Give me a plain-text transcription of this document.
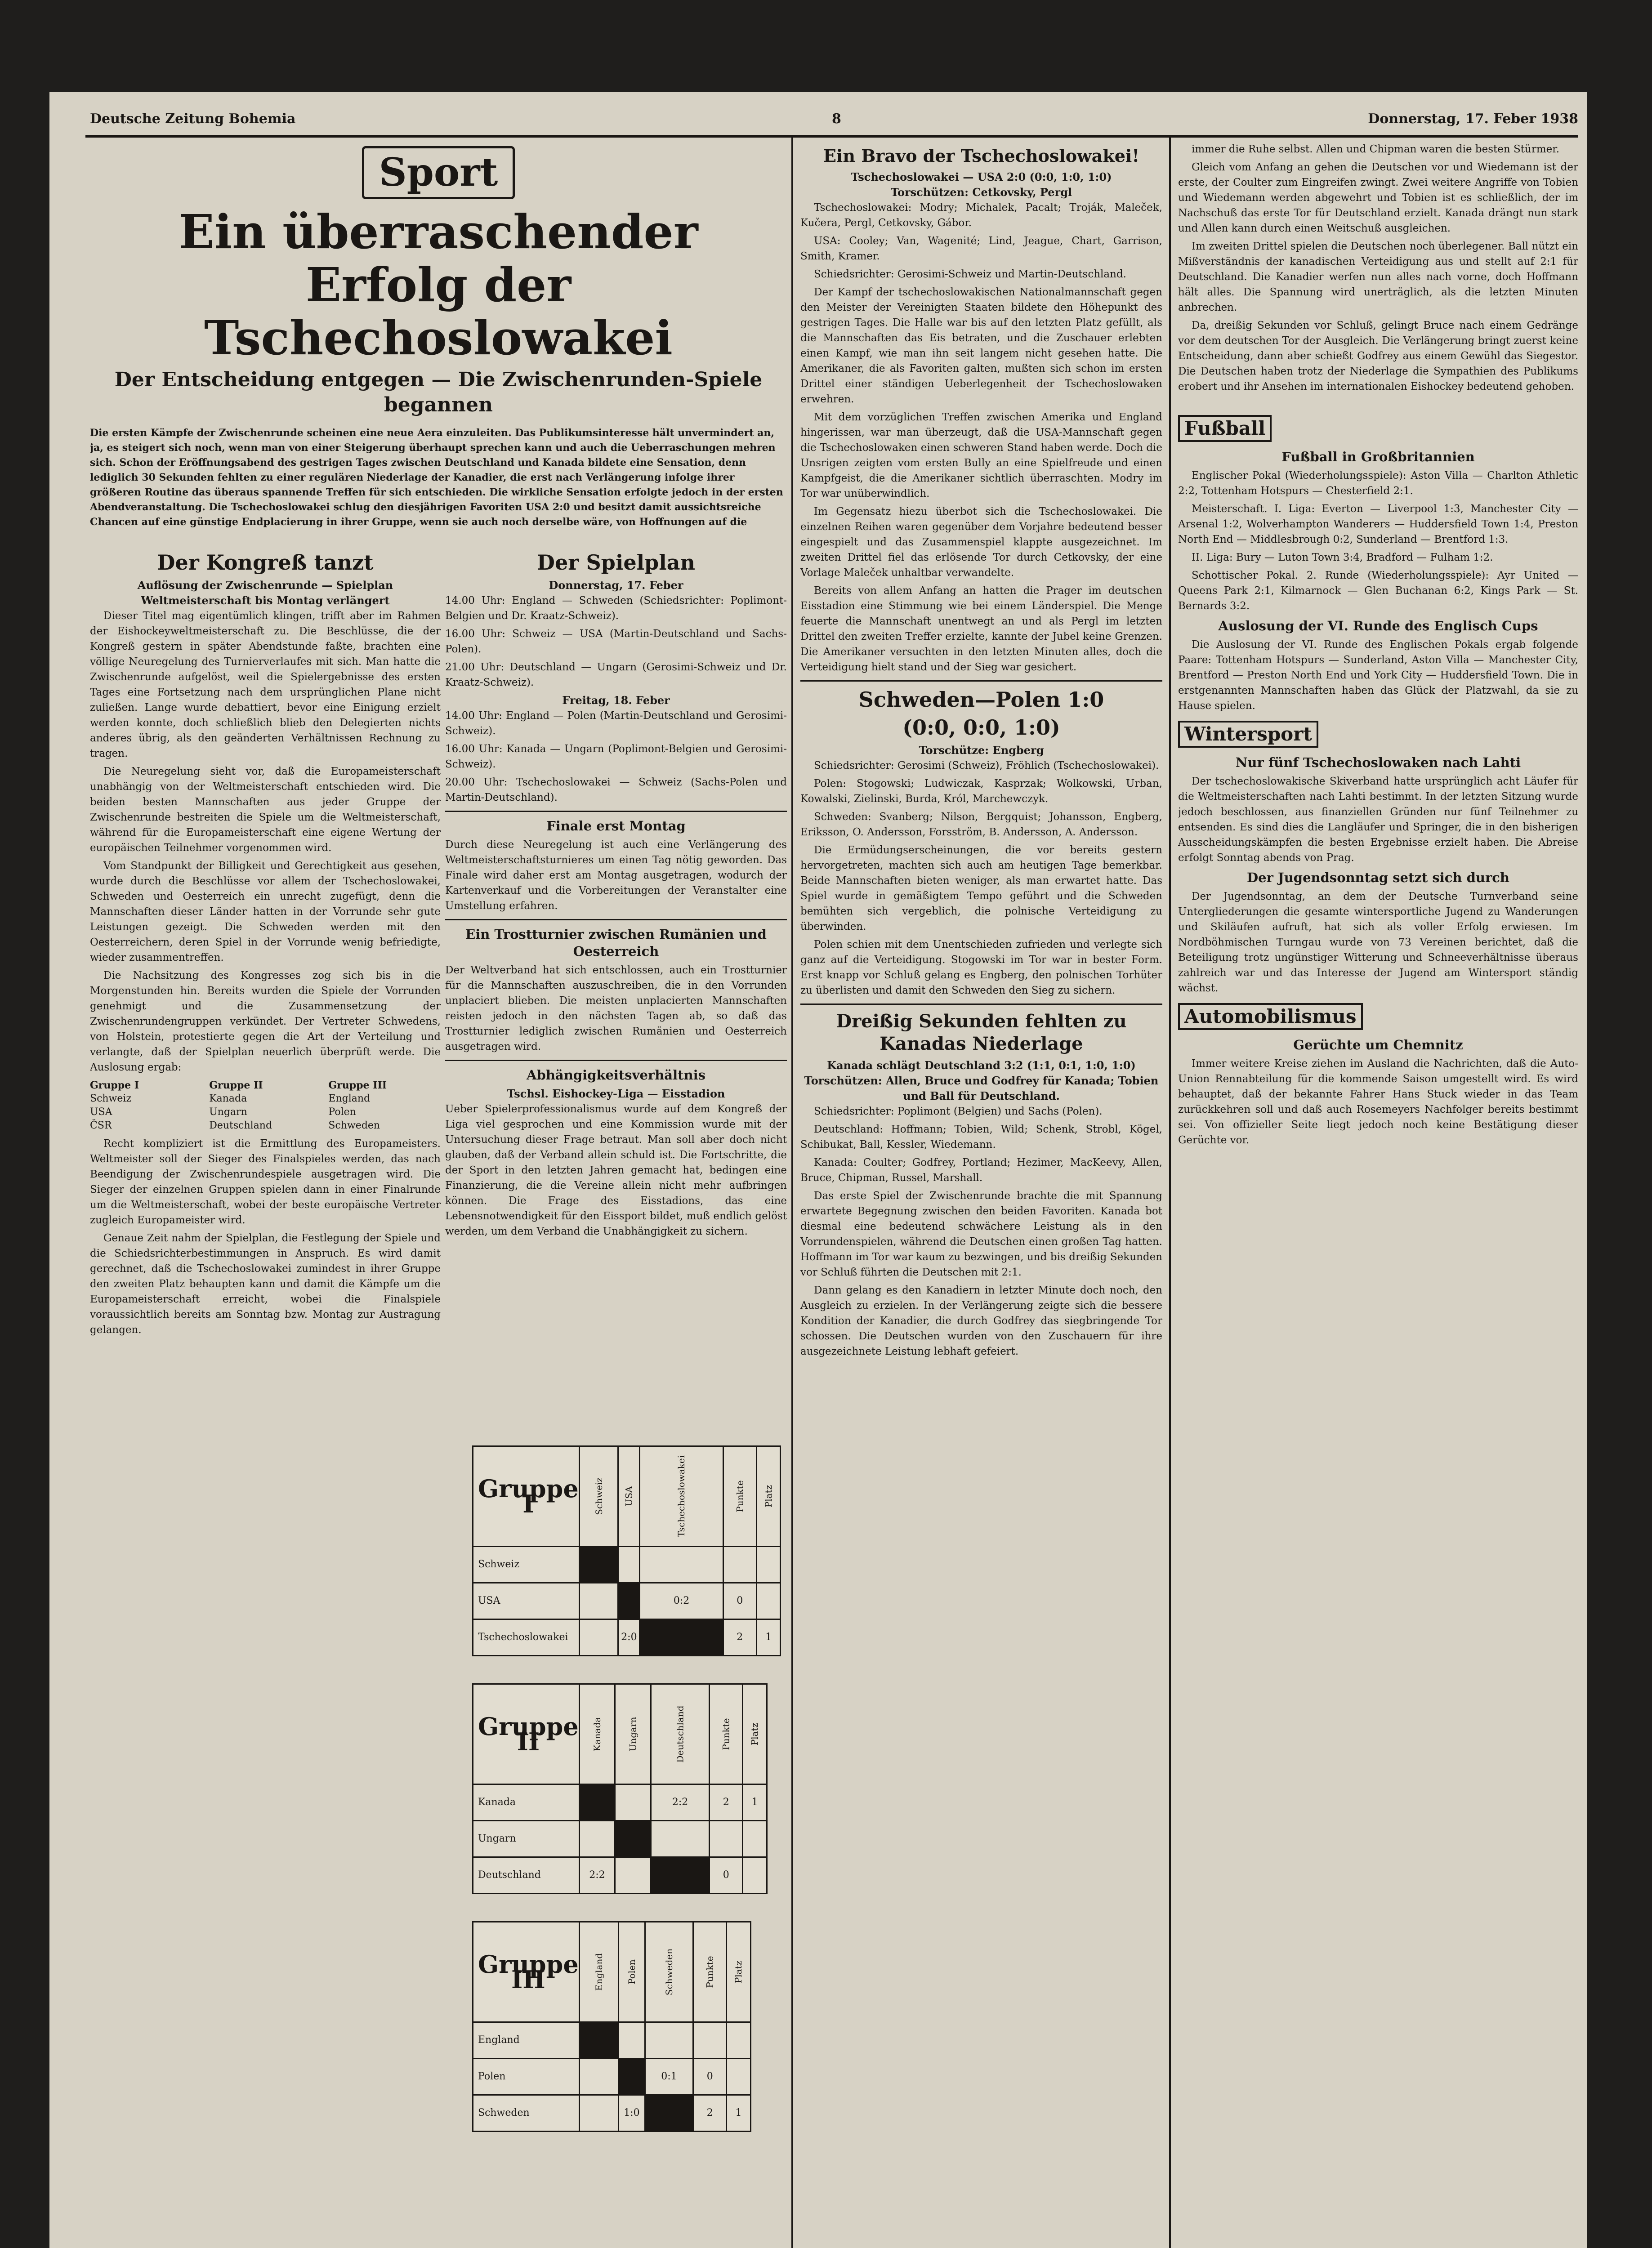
Deutsche Zeitung Bohemia	8	Donnerstag, 17. Feber 1938
Sport
Ein überraschender Erfolg der Tschechoslowakei
Der Entscheidung entgegen — Die Zwischenrunden-Spiele begannen
Die ersten Kämpfe der Zwischenrunde scheinen eine neue Aera einzuleiten. Das Publikumsinteresse hält unvermindert an, ja, es steigert sich noch, wenn man von einer Steigerung überhaupt sprechen kann und auch die Ueberraschungen mehren sich. Schon der Eröffnungsabend des gestrigen Tages zwischen Deutschland und Kanada bildete eine Sensation, denn lediglich 30 Sekunden fehlten zu einer regulären Niederlage der Kanadier, die erst nach Verlängerung infolge ihrer größeren Routine das überaus spannende Treffen für sich entschieden. Die wirkliche Sensation erfolgte jedoch in der ersten Abendveranstaltung. Die Tschechoslowakei schlug den diesjährigen Favoriten USA 2:0 und besitzt damit aussichtsreiche Chancen auf eine günstige Endplacierung in ihrer Gruppe, wenn sie auch noch derselbe wäre, von Hoffnungen auf die
Der Kongreß tanzt
Auflösung der Zwischenrunde — Spielplan Weltmeisterschaft bis Montag verlängert

Dieser Titel mag eigentümlich klingen, trifft aber im Rahmen der Eishockeyweltmeisterschaft zu. Die Beschlüsse, die der Kongreß gestern in später Abendstunde faßte, brachten eine völlige Neuregelung des Turnierverlaufes mit sich. Man hatte die Zwischenrunde aufgelöst, weil die Spielergebnisse des ersten Tages eine Fortsetzung nach dem ursprünglichen Plane nicht zuließen. Lange wurde debattiert, bevor eine Einigung erzielt werden konnte, doch schließlich blieb den Delegierten nichts anderes übrig, als den geänderten Verhältnissen Rechnung zu tragen.

Die Neuregelung sieht vor, daß die Europameisterschaft unabhängig von der Weltmeisterschaft entschieden wird. Die beiden besten Mannschaften aus jeder Gruppe der Zwischenrunde bestreiten die Spiele um die Weltmeisterschaft, während für die Europameisterschaft eine eigene Wertung der europäischen Teilnehmer vorgenommen wird.

Vom Standpunkt der Billigkeit und Gerechtigkeit aus gesehen, wurde durch die Beschlüsse vor allem der Tschechoslowakei, Schweden und Oesterreich ein unrecht zugefügt, denn die Mannschaften dieser Länder hatten in der Vorrunde sehr gute Leistungen gezeigt. Die Schweden werden mit den Oesterreichern, deren Spiel in der Vorrunde wenig befriedigte, wieder zusammentreffen.

Die Nachsitzung des Kongresses zog sich bis in die Morgenstunden hin. Bereits wurden die Spiele der Vorrunden genehmigt und die Zusammensetzung der Zwischenrundengruppen verkündet. Der Vertreter Schwedens, von Holstein, protestierte gegen die Art der Verteilung und verlangte, daß der Spielplan neuerlich überprüft werde. Die Auslosung ergab:

Gruppe I
Schweiz
USA
ČSR
Gruppe II
Kanada
Ungarn
Deutschland
Gruppe III
England
Polen
Schweden

Recht kompliziert ist die Ermittlung des Europameisters. Weltmeister soll der Sieger des Finalspieles werden, das nach Beendigung der Zwischenrundespiele ausgetragen wird. Die Sieger der einzelnen Gruppen spielen dann in einer Finalrunde um die Weltmeisterschaft, wobei der beste europäische Vertreter zugleich Europameister wird.

Genaue Zeit nahm der Spielplan, die Festlegung der Spiele und die Schiedsrichterbestimmungen in Anspruch. Es wird damit gerechnet, daß die Tschechoslowakei zumindest in ihrer Gruppe den zweiten Platz behaupten kann und damit die Kämpfe um die Europameisterschaft erreicht, wobei die Finalspiele voraussichtlich bereits am Sonntag bzw. Montag zur Austragung gelangen.

Der Spielplan
Donnerstag, 17. Feber

14.00 Uhr: England — Schweden (Schiedsrichter: Poplimont-Belgien und Dr. Kraatz-Schweiz).

16.00 Uhr: Schweiz — USA (Martin-Deutschland und Sachs-Polen).

21.00 Uhr: Deutschland — Ungarn (Gerosimi-Schweiz und Dr. Kraatz-Schweiz).

Freitag, 18. Feber

14.00 Uhr: England — Polen (Martin-Deutschland und Gerosimi-Schweiz).

16.00 Uhr: Kanada — Ungarn (Poplimont-Belgien und Gerosimi-Schweiz).

20.00 Uhr: Tschechoslowakei — Schweiz (Sachs-Polen und Martin-Deutschland).

Finale erst Montag

Durch diese Neuregelung ist auch eine Verlängerung des Weltmeisterschaftsturnieres um einen Tag nötig geworden. Das Finale wird daher erst am Montag ausgetragen, wodurch der Kartenverkauf und die Vorbereitungen der Veranstalter eine Umstellung erfahren.

Ein Trostturnier zwischen Rumänien und Oesterreich

Der Weltverband hat sich entschlossen, auch ein Trostturnier für die Mannschaften auszuschreiben, die in den Vorrunden unplaciert blieben. Die meisten unplacierten Mannschaften reisten jedoch in den nächsten Tagen ab, so daß das Trostturnier lediglich zwischen Rumänien und Oesterreich ausgetragen wird.

Abhängigkeitsverhältnis
Tschsl. Eishockey-Liga — Eisstadion

Ueber Spielerprofessionalismus wurde auf dem Kongreß der Liga viel gesprochen und eine Kommission wurde mit der Untersuchung dieser Frage betraut. Man soll aber doch nicht glauben, daß der Verband allein schuld ist. Die Fortschritte, die der Sport in den letzten Jahren gemacht hat, bedingen eine Finanzierung, die die Vereine allein nicht mehr aufbringen können. Die Frage des Eisstadions, das eine Lebensnotwendigkeit für den Eissport bildet, muß endlich gelöst werden, um dem Verband die Unabhängigkeit zu sichern.

Gruppe I	Schweiz	USA	Tschechoslowakei	Punkte	Platz
Schweiz					
USA			0:2	0	
Tschechoslowakei		2:0		2	1
Gruppe II	Kanada	Ungarn	Deutschland	Punkte	Platz
Kanada			2:2	2	1
Ungarn					
Deutschland	2:2			0	
Gruppe III	England	Polen	Schweden	Punkte	Platz
England					
Polen			0:1	0	
Schweden		1:0		2	1
Ein Bravo der Tschechoslowakei!
Tschechoslowakei — USA 2:0 (0:0, 1:0, 1:0)
Torschützen: Cetkovsky, Pergl

Tschechoslowakei: Modry; Michalek, Pacalt; Troják, Maleček, Kučera, Pergl, Cetkovsky, Gábor.

USA: Cooley; Van, Wagenité; Lind, Jeague, Chart, Garrison, Smith, Kramer.

Schiedsrichter: Gerosimi-Schweiz und Martin-Deutschland.

Der Kampf der tschechoslowakischen Nationalmannschaft gegen den Meister der Vereinigten Staaten bildete den Höhepunkt des gestrigen Tages. Die Halle war bis auf den letzten Platz gefüllt, als die Mannschaften das Eis betraten, und die Zuschauer erlebten einen Kampf, wie man ihn seit langem nicht gesehen hatte. Die Amerikaner, die als Favoriten galten, mußten sich schon im ersten Drittel einer ständigen Ueberlegenheit der Tschechoslowaken erwehren.

Mit dem vorzüglichen Treffen zwischen Amerika und England hingerissen, war man überzeugt, daß die USA-Mannschaft gegen die Tschechoslowaken einen schweren Stand haben werde. Doch die Unsrigen zeigten vom ersten Bully an eine Spielfreude und einen Kampfgeist, die die Amerikaner sichtlich überraschten. Modry im Tor war unüberwindlich.

Im Gegensatz hiezu überbot sich die Tschechoslowakei. Die einzelnen Reihen waren gegenüber dem Vorjahre bedeutend besser eingespielt und das Zusammenspiel klappte ausgezeichnet. Im zweiten Drittel fiel das erlösende Tor durch Cetkovsky, der eine Vorlage Maleček unhaltbar verwandelte.

Bereits von allem Anfang an hatten die Prager im deutschen Eisstadion eine Stimmung wie bei einem Länderspiel. Die Menge feuerte die Mannschaft unentwegt an und als Pergl im letzten Drittel den zweiten Treffer erzielte, kannte der Jubel keine Grenzen. Die Amerikaner versuchten in den letzten Minuten alles, doch die Verteidigung hielt stand und der Sieg war gesichert.

Schweden—Polen 1:0
(0:0, 0:0, 1:0)
Torschütze: Engberg

Schiedsrichter: Gerosimi (Schweiz), Fröhlich (Tschechoslowakei).

Polen: Stogowski; Ludwiczak, Kasprzak; Wolkowski, Urban, Kowalski, Zielinski, Burda, Król, Marchewczyk.

Schweden: Svanberg; Nilson, Bergquist; Johansson, Engberg, Eriksson, O. Andersson, Forsström, B. Andersson, A. Andersson.

Die Ermüdungserscheinungen, die vor bereits gestern hervorgetreten, machten sich auch am heutigen Tage bemerkbar. Beide Mannschaften bieten weniger, als man erwartet hatte. Das Spiel wurde in gemäßigtem Tempo geführt und die Schweden bemühten sich vergeblich, die polnische Verteidigung zu überwinden.

Polen schien mit dem Unentschieden zufrieden und verlegte sich ganz auf die Verteidigung. Stogowski im Tor war in bester Form. Erst knapp vor Schluß gelang es Engberg, den polnischen Torhüter zu überlisten und damit den Schweden den Sieg zu sichern.

Dreißig Sekunden fehlten zu Kanadas Niederlage
Kanada schlägt Deutschland 3:2 (1:1, 0:1, 1:0, 1:0)
Torschützen: Allen, Bruce und Godfrey für Kanada; Tobien und Ball für Deutschland.

Schiedsrichter: Poplimont (Belgien) und Sachs (Polen).

Deutschland: Hoffmann; Tobien, Wild; Schenk, Strobl, Kögel, Schibukat, Ball, Kessler, Wiedemann.

Kanada: Coulter; Godfrey, Portland; Hezimer, MacKeevy, Allen, Bruce, Chipman, Russel, Marshall.

Das erste Spiel der Zwischenrunde brachte die mit Spannung erwartete Begegnung zwischen den beiden Favoriten. Kanada bot diesmal eine bedeutend schwächere Leistung als in den Vorrundenspielen, während die Deutschen einen großen Tag hatten. Hoffmann im Tor war kaum zu bezwingen, und bis dreißig Sekunden vor Schluß führten die Deutschen mit 2:1.

Dann gelang es den Kanadiern in letzter Minute doch noch, den Ausgleich zu erzielen. In der Verlängerung zeigte sich die bessere Kondition der Kanadier, die durch Godfrey das siegbringende Tor schossen. Die Deutschen wurden von den Zuschauern für ihre ausgezeichnete Leistung lebhaft gefeiert.

immer die Ruhe selbst. Allen und Chipman waren die besten Stürmer.

Gleich vom Anfang an gehen die Deutschen vor und Wiedemann ist der erste, der Coulter zum Eingreifen zwingt. Zwei weitere Angriffe von Tobien und Wiedemann werden abgewehrt und Tobien ist es schließlich, der im Nachschuß das erste Tor für Deutschland erzielt. Kanada drängt nun stark und Allen kann durch einen Weitschuß ausgleichen.

Im zweiten Drittel spielen die Deutschen noch überlegener. Ball nützt ein Mißverständnis der kanadischen Verteidigung aus und stellt auf 2:1 für Deutschland. Die Kanadier werfen nun alles nach vorne, doch Hoffmann hält alles. Die Spannung wird unerträglich, als die letzten Minuten anbrechen.

Da, dreißig Sekunden vor Schluß, gelingt Bruce nach einem Gedränge vor dem deutschen Tor der Ausgleich. Die Verlängerung bringt zuerst keine Entscheidung, dann aber schießt Godfrey aus einem Gewühl das Siegestor. Die Deutschen haben trotz der Niederlage die Sympathien des Publikums erobert und ihr Ansehen im internationalen Eishockey bedeutend gehoben.

Fußball
Fußball in Großbritannien

Englischer Pokal (Wiederholungsspiele): Aston Villa — Charlton Athletic 2:2, Tottenham Hotspurs — Chesterfield 2:1.

Meisterschaft. I. Liga: Everton — Liverpool 1:3, Manchester City — Arsenal 1:2, Wolverhampton Wanderers — Huddersfield Town 1:4, Preston North End — Middlesbrough 0:2, Sunderland — Brentford 1:3.

II. Liga: Bury — Luton Town 3:4, Bradford — Fulham 1:2.

Schottischer Pokal. 2. Runde (Wiederholungsspiele): Ayr United — Queens Park 2:1, Kilmarnock — Glen Buchanan 6:2, Kings Park — St. Bernards 3:2.

Auslosung der VI. Runde des Englisch Cups

Die Auslosung der VI. Runde des Englischen Pokals ergab folgende Paare: Tottenham Hotspurs — Sunderland, Aston Villa — Manchester City, Brentford — Preston North End und York City — Huddersfield Town. Die in erstgenannten Mannschaften haben das Glück der Platzwahl, da sie zu Hause spielen.

Wintersport
Nur fünf Tschechoslowaken nach Lahti

Der tschechoslowakische Skiverband hatte ursprünglich acht Läufer für die Weltmeisterschaften nach Lahti bestimmt. In der letzten Sitzung wurde jedoch beschlossen, aus finanziellen Gründen nur fünf Teilnehmer zu entsenden. Es sind dies die Langläufer und Springer, die in den bisherigen Ausscheidungskämpfen die besten Ergebnisse erzielt haben. Die Abreise erfolgt Sonntag abends von Prag.

Der Jugendsonntag setzt sich durch

Der Jugendsonntag, an dem der Deutsche Turnverband seine Untergliederungen die gesamte wintersportliche Jugend zu Wanderungen und Skiläufen aufruft, hat sich als voller Erfolg erwiesen. Im Nordböhmischen Turngau wurde von 73 Vereinen berichtet, daß die Beteiligung trotz ungünstiger Witterung und Schneeverhältnisse überaus zahlreich war und das Interesse der Jugend am Wintersport ständig wächst.

Automobilismus
Gerüchte um Chemnitz

Immer weitere Kreise ziehen im Ausland die Nachrichten, daß die Auto-Union Rennabteilung für die kommende Saison umgestellt wird. Es wird behauptet, daß der bekannte Fahrer Hans Stuck wieder in das Team zurückkehren soll und daß auch Rosemeyers Nachfolger bereits bestimmt sei. Von offizieller Seite liegt jedoch noch keine Bestätigung dieser Gerüchte vor.
